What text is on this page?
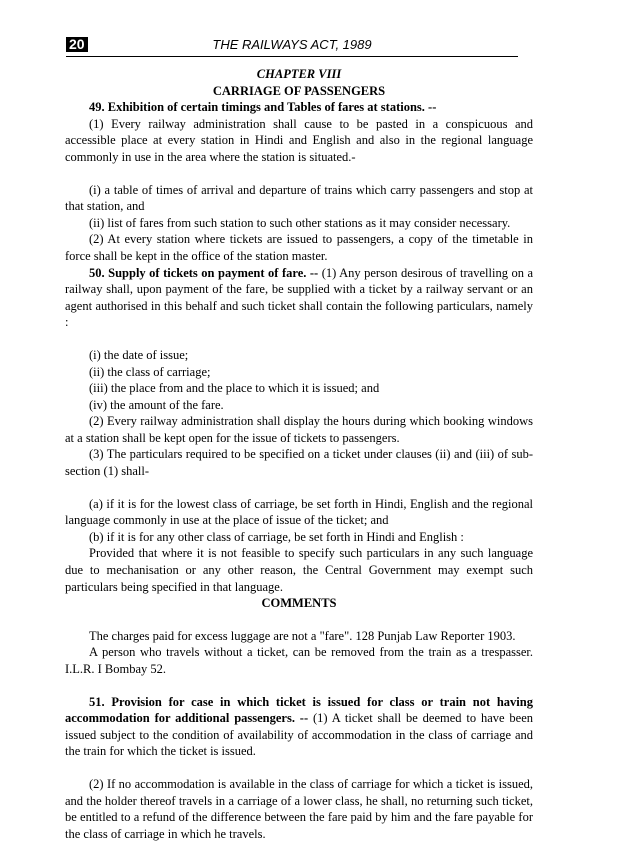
20	THE RAILWAYS ACT, 1989

CHAPTER VIII

CARRIAGE OF PASSENGERS

49. Exhibition of certain timings and Tables of fares at stations. --

(1) Every railway administration shall cause to be pasted in a conspicuous and accessible place at every station in Hindi and English and also in the regional language commonly in use in the area where the station is situated.-

(i) a table of times of arrival and departure of trains which carry passengers and stop at that station, and

(ii) list of fares from such station to such other stations as it may consider necessary.

(2) At every station where tickets are issued to passengers, a copy of the timetable in force shall be kept in the office of the station master.

50. Supply of tickets on payment of fare. -- (1) Any person desirous of travelling on a railway shall, upon payment of the fare, be supplied with a ticket by a railway servant or an agent authorised in this behalf and such ticket shall contain the following particulars, namely :

(i) the date of issue;

(ii) the class of carriage;

(iii) the place from and the place to which it is issued; and

(iv) the amount of the fare.

(2) Every railway administration shall display the hours during which booking windows at a station shall be kept open for the issue of tickets to passengers.

(3) The particulars required to be specified on a ticket under clauses (ii) and (iii) of sub-section (1) shall-

(a) if it is for the lowest class of carriage, be set forth in Hindi, English and the regional language commonly in use at the place of issue of the ticket; and

(b) if it is for any other class of carriage, be set forth in Hindi and English :

Provided that where it is not feasible to specify such particulars in any such language due to mechanisation or any other reason, the Central Government may exempt such particulars being specified in that language.

COMMENTS

The charges paid for excess luggage are not a "fare". 128 Punjab Law Reporter 1903.

A person who travels without a ticket, can be removed from the train as a trespasser. I.L.R. I Bombay 52.

51. Provision for case in which ticket is issued for class or train not having accommodation for additional passengers. -- (1) A ticket shall be deemed to have been issued subject to the condition of availability of accommodation in the class of carriage and the train for which the ticket is issued.

(2) If no accommodation is available in the class of carriage for which a ticket is issued, and the holder thereof travels in a carriage of a lower class, he shall, no returning such ticket, be entitled to a refund of the difference between the fare paid by him and the fare payable for the class of carriage in which he travels.
